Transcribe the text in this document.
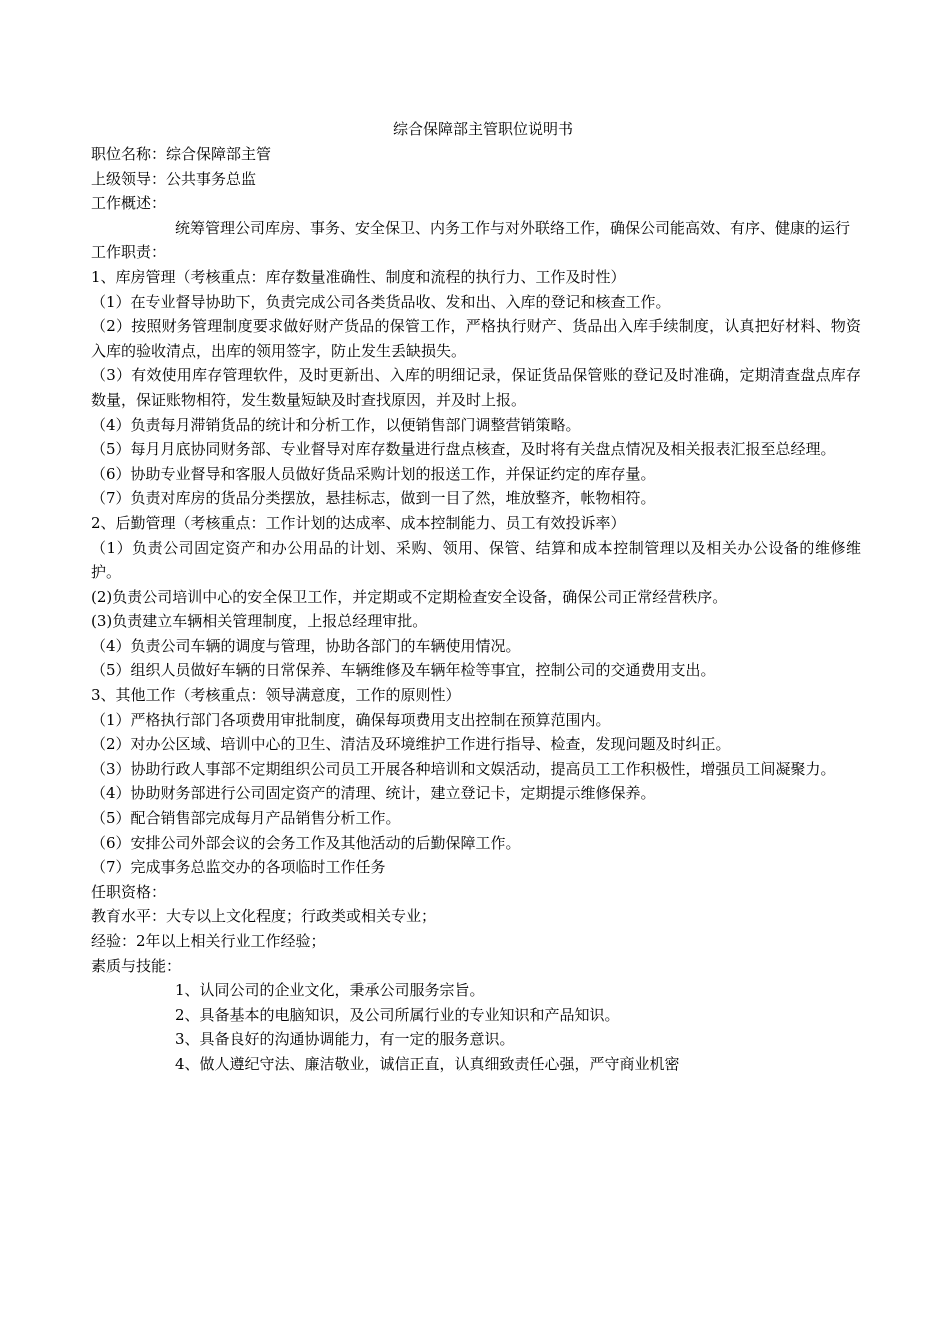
综合保障部主管职位说明书
职位名称：综合保障部主管
上级领导：公共事务总监
工作概述：
统筹管理公司库房、事务、安全保卫、内务工作与对外联络工作，确保公司能高效、有序、健康的运行
工作职责：
1、库房管理（考核重点：库存数量准确性、制度和流程的执行力、工作及时性）
（1）在专业督导协助下，负责完成公司各类货品收、发和出、入库的登记和核查工作。
（2）按照财务管理制度要求做好财产货品的保管工作，严格执行财产、货品出入库手续制度，认真把好材料、物资入库的验收清点，出库的领用签字，防止发生丢缺损失。
（3）有效使用库存管理软件，及时更新出、入库的明细记录，保证货品保管账的登记及时准确，定期清查盘点库存数量，保证账物相符，发生数量短缺及时查找原因，并及时上报。
（4）负责每月滞销货品的统计和分析工作，以便销售部门调整营销策略。
（5）每月月底协同财务部、专业督导对库存数量进行盘点核查，及时将有关盘点情况及相关报表汇报至总经理。
（6）协助专业督导和客服人员做好货品采购计划的报送工作，并保证约定的库存量。
（7）负责对库房的货品分类摆放，悬挂标志，做到一目了然，堆放整齐，帐物相符。
2、后勤管理（考核重点：工作计划的达成率、成本控制能力、员工有效投诉率）
（1）负责公司固定资产和办公用品的计划、采购、领用、保管、结算和成本控制管理以及相关办公设备的维修维护。
(2)负责公司培训中心的安全保卫工作，并定期或不定期检查安全设备，确保公司正常经营秩序。
(3)负责建立车辆相关管理制度，上报总经理审批。
（4）负责公司车辆的调度与管理，协助各部门的车辆使用情况。
（5）组织人员做好车辆的日常保养、车辆维修及车辆年检等事宜，控制公司的交通费用支出。
3、其他工作（考核重点：领导满意度，工作的原则性）
（1）严格执行部门各项费用审批制度，确保每项费用支出控制在预算范围内。
（2）对办公区域、培训中心的卫生、清洁及环境维护工作进行指导、检查，发现问题及时纠正。
（3）协助行政人事部不定期组织公司员工开展各种培训和文娱活动，提高员工工作积极性，增强员工间凝聚力。
（4）协助财务部进行公司固定资产的清理、统计，建立登记卡，定期提示维修保养。
（5）配合销售部完成每月产品销售分析工作。
（6）安排公司外部会议的会务工作及其他活动的后勤保障工作。
（7）完成事务总监交办的各项临时工作任务
任职资格：
教育水平：大专以上文化程度；行政类或相关专业；
经验：2年以上相关行业工作经验；
素质与技能：
1、认同公司的企业文化，秉承公司服务宗旨。
2、具备基本的电脑知识，及公司所属行业的专业知识和产品知识。
3、具备良好的沟通协调能力，有一定的服务意识。
4、做人遵纪守法、廉洁敬业，诚信正直，认真细致责任心强，严守商业机密
